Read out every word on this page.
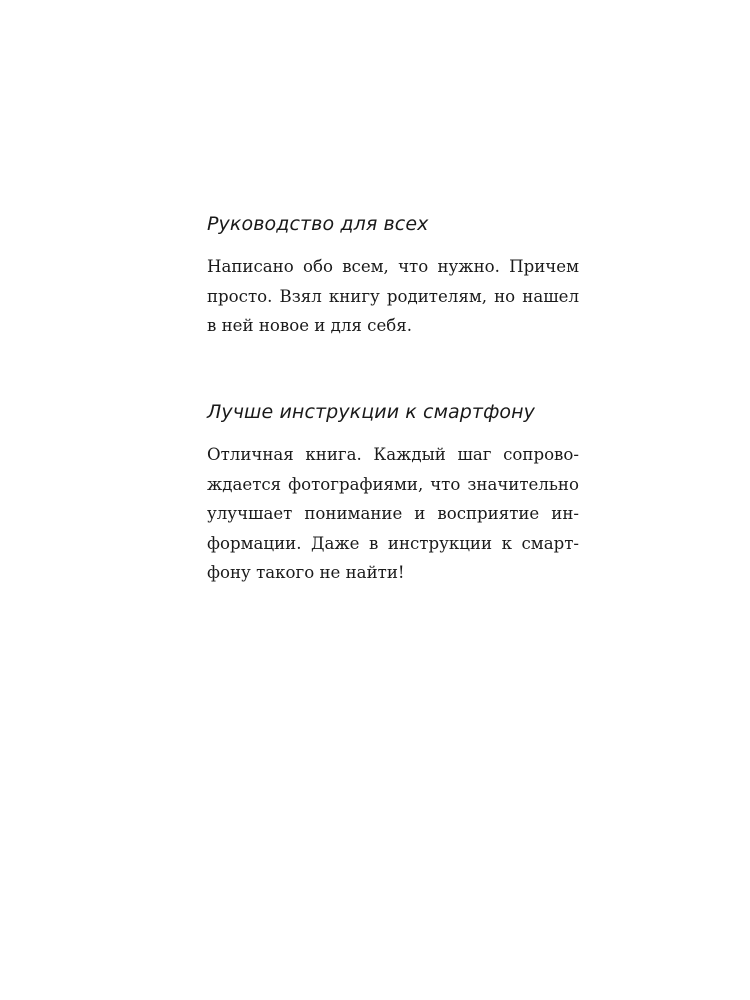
Руководство для всех

Написано обо всем, что нужно. Причем
просто. Взял книгу родителям, но нашел
в ней новое и для себя.

Лучше инструкции к смартфону

Отличная книга. Каждый шаг сопрово-
ждается фотографиями, что значительно
улучшает понимание и восприятие ин-
формации. Даже в инструкции к смарт-
фону такого не найти!
